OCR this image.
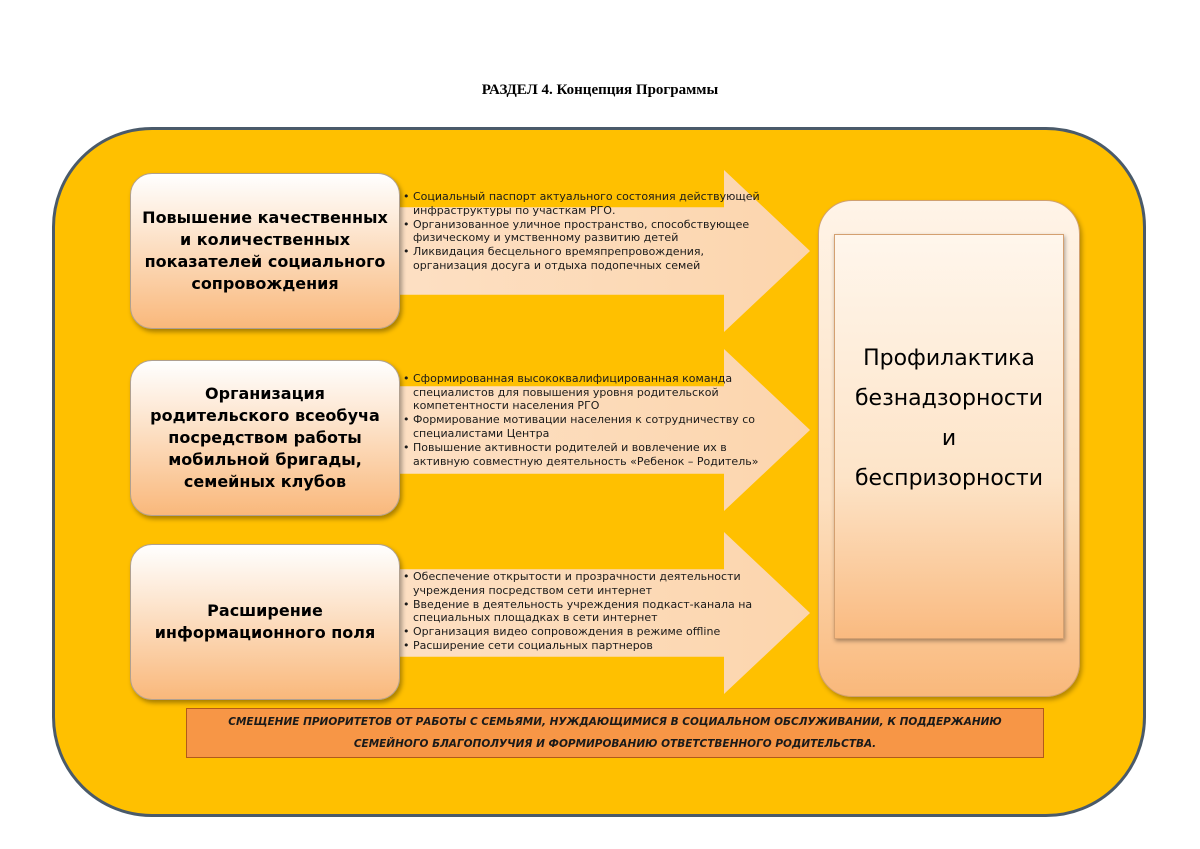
РАЗДЕЛ 4. Концепция Программы
Повышение качественных и количественных показателей социального сопровождения
• Социальный паспорт актуального состояния действующей инфраструктуры по участкам РГО.
• Организованное уличное пространство, способствующее физическому и умственному развитию детей
• Ликвидация бесцельного времяпрепровождения, организация досуга и отдыха подопечных семей
Организация родительского всеобуча посредством работы мобильной бригады, семейных клубов
• Сформированная высококвалифицированная команда специалистов для повышения уровня родительской компетентности населения РГО
• Формирование мотивации населения к сотрудничеству со специалистами Центра
• Повышение активности родителей и вовлечение их в активную совместную деятельность «Ребенок – Родитель»
Расширение информационного поля
• Обеспечение открытости и прозрачности деятельности учреждения посредством сети интернет
• Введение в деятельность учреждения подкаст-канала на специальных площадках в сети интернет
• Организация видео сопровождения в режиме offline
• Расширение сети социальных партнеров
Профилактика
безнадзорности
и
беспризорности
СМЕЩЕНИЕ ПРИОРИТЕТОВ ОТ РАБОТЫ С СЕМЬЯМИ, НУЖДАЮЩИМИСЯ В СОЦИАЛЬНОМ ОБСЛУЖИВАНИИ, К ПОДДЕРЖАНИЮ СЕМЕЙНОГО БЛАГОПОЛУЧИЯ И ФОРМИРОВАНИЮ ОТВЕТСТВЕННОГО РОДИТЕЛЬСТВА.
